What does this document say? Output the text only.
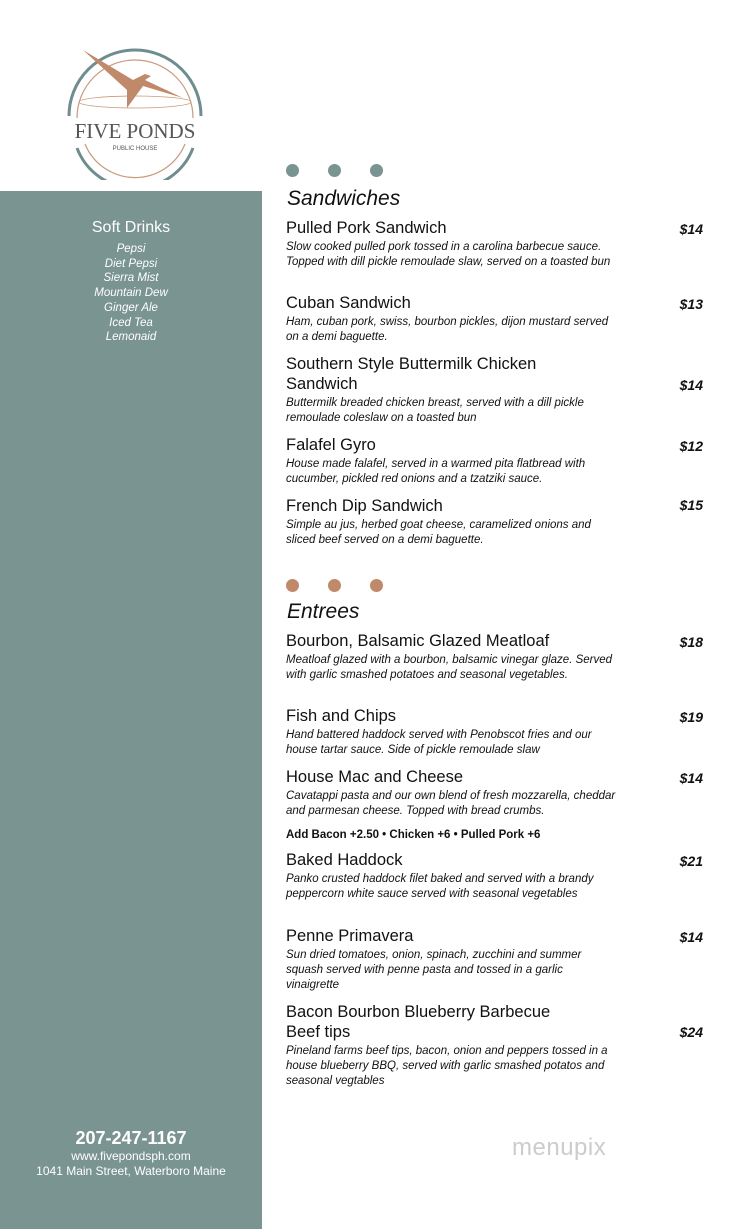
FIVE PONDS
PUBLIC HOUSE
Soft Drinks
Pepsi
Diet Pepsi
Sierra Mist
Mountain Dew
Ginger Ale
Iced Tea
Lemonaid
207-247-1167
www.fivepondsph.com
1041 Main Street, Waterboro Maine
Sandwiches
Pulled Pork Sandwich	$14
Slow cooked pulled pork tossed in a carolina barbecue sauce. Topped with dill pickle remoulade slaw, served on a toasted bun
Cuban Sandwich	$13
Ham, cuban pork, swiss, bourbon pickles, dijon mustard served on a demi baguette.
Southern Style Buttermilk Chicken Sandwich	$14
Buttermilk breaded chicken breast, served with a dill pickle remoulade coleslaw on a toasted bun
Falafel Gyro	$12
House made falafel, served in a warmed pita flatbread with cucumber, pickled red onions and a tzatziki sauce.
French Dip Sandwich	$15
Simple au jus, herbed goat cheese, caramelized onions and sliced beef served on a demi baguette.
Entrees
Bourbon, Balsamic Glazed Meatloaf	$18
Meatloaf glazed with a bourbon, balsamic vinegar glaze. Served with garlic smashed potatoes and seasonal vegetables.
Fish and Chips	$19
Hand battered haddock served with Penobscot fries and our house tartar sauce. Side of pickle remoulade slaw
House Mac and Cheese	$14
Cavatappi pasta and our own blend of fresh mozzarella, cheddar and parmesan cheese. Topped with bread crumbs.
Add Bacon +2.50 • Chicken +6 • Pulled Pork +6
Baked Haddock	$21
Panko crusted haddock filet baked and served with a brandy peppercorn white sauce served with seasonal vegetables
Penne Primavera	$14
Sun dried tomatoes, onion, spinach, zucchini and summer squash served with penne pasta and tossed in a garlic vinaigrette
Bacon Bourbon Blueberry Barbecue Beef tips	$24
Pineland farms beef tips, bacon, onion and peppers tossed in a house blueberry BBQ, served with garlic smashed potatos and seasonal vegtables
menupix
